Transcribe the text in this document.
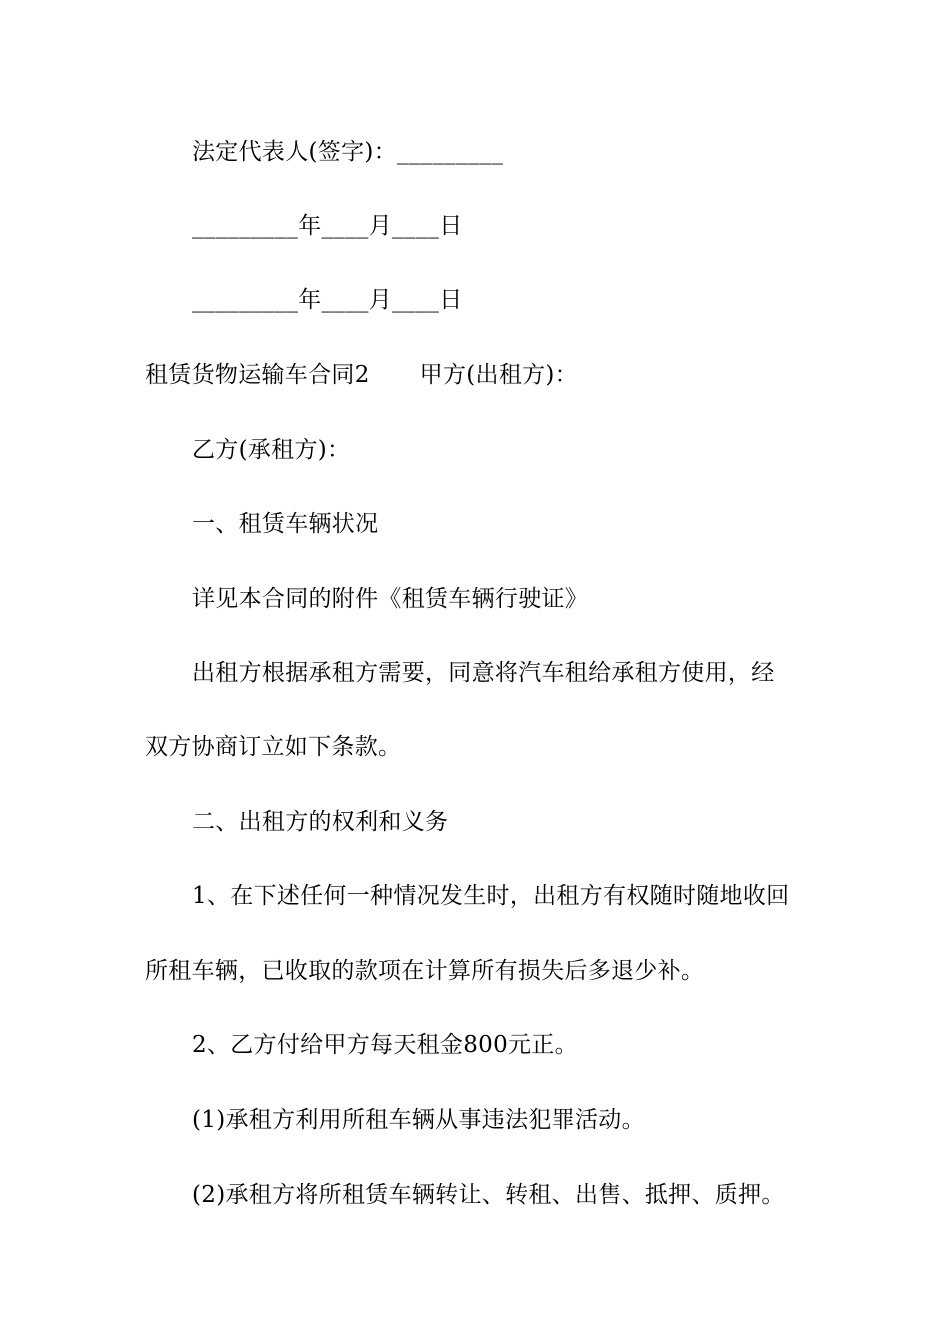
法定代表人(签字)：_________
_________年____月____日
_________年____月____日
租赁货物运输车合同2 甲方(出租方)：
乙方(承租方)：
一、租赁车辆状况
详见本合同的附件《租赁车辆行驶证》
出租方根据承租方需要，同意将汽车租给承租方使用，经
双方协商订立如下条款。
二、出租方的权利和义务
1、在下述任何一种情况发生时，出租方有权随时随地收回
所租车辆，已收取的款项在计算所有损失后多退少补。
2、乙方付给甲方每天租金800元正。
(1)承租方利用所租车辆从事违法犯罪活动。
(2)承租方将所租赁车辆转让、转租、出售、抵押、质押。
